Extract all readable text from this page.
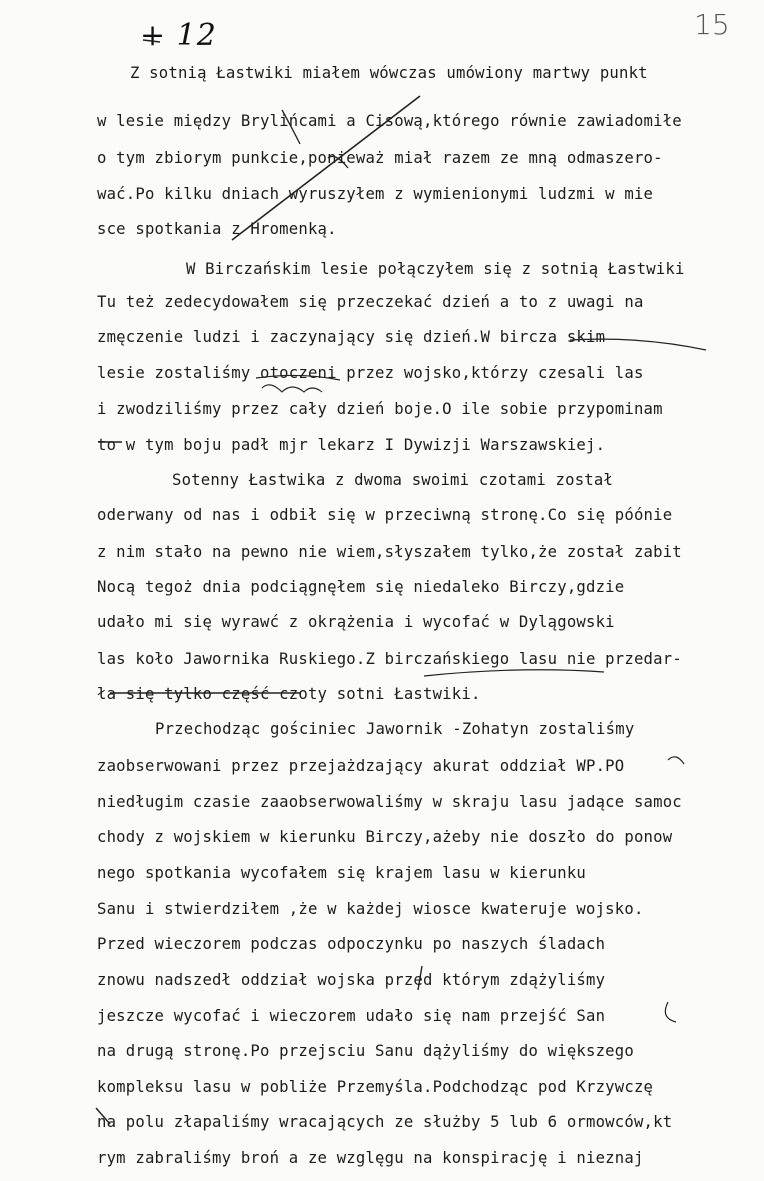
+ 12	15
Z sotnią Łastwiki miałem wówczas umówiony martwy punkt
w lesie między Brylińcami a Cisową,którego równie zawiadomiłe
o tym zbiorym punkcie,ponieważ miał razem ze mną odmaszero-
wać.Po kilku dniach wyruszyłem z wymienionymi ludzmi w mie
sce spotkania z Hromenką.
W Birczańskim lesie połączyłem się z sotnią Łastwiki
Tu też zedecydowałem się przeczekać dzień a to z uwagi na
zmęczenie ludzi i zaczynający się dzień.W bircza skim
lesie zostaliśmy otoczeni przez wojsko,którzy czesali las
i zwodziliśmy przez cały dzień boje.O ile sobie przypominam
to w tym boju padł mjr lekarz I Dywizji Warszawskiej.
Sotenny Łastwika z dwoma swoimi czotami został
oderwany od nas i odbił się w przeciwną stronę.Co się póónie
z nim stało na pewno nie wiem,słyszałem tylko,że został zabit
Nocą tegoż dnia podciągnęłem się niedaleko Birczy,gdzie
udało mi się wyrawć z okrążenia i wycofać w Dylągowski
las koło Jawornika Ruskiego.Z birczańskiego lasu nie przedar-
ła się tylko część czoty sotni Łastwiki.
Przechodząc gościniec Jawornik -Zohatyn zostaliśmy
zaobserwowani przez przejażdzający akurat oddział WP.PO
niedługim czasie zaaobserwowaliśmy w skraju lasu jadące samoc
chody z wojskiem w kierunku Birczy,ażeby nie doszło do ponow
nego spotkania wycofałem się krajem lasu w kierunku
Sanu i stwierdziłem ,że w każdej wiosce kwateruje wojsko.
Przed wieczorem podczas odpoczynku po naszych śladach
znowu nadszedł oddział wojska przed którym zdążyliśmy
jeszcze wycofać i wieczorem udało się nam przejść San
na drugą stronę.Po przejsciu Sanu dążyliśmy do większego
kompleksu lasu w pobliże Przemyśla.Podchodząc pod Krzywczę
na polu złapaliśmy wracających ze służby 5 lub 6 ormowców,kt
rym zabraliśmy broń a ze wzglęgu na konspirację i nieznaj
